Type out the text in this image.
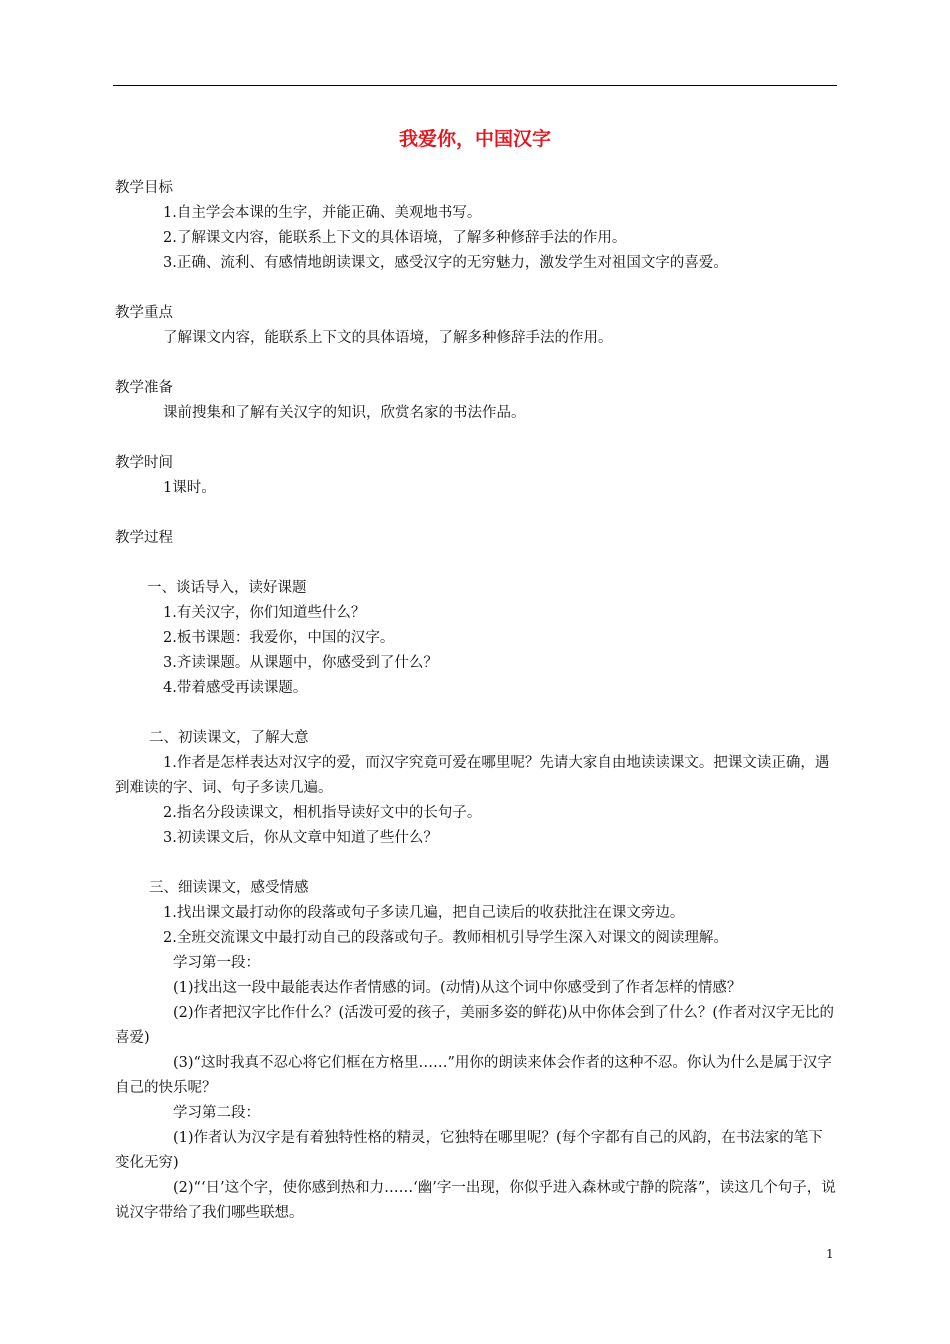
我爱你，中国汉字

教学目标

1.自主学会本课的生字，并能正确、美观地书写。

2.了解课文内容，能联系上下文的具体语境，了解多种修辞手法的作用。

3.正确、流利、有感情地朗读课文，感受汉字的无穷魅力，激发学生对祖国文字的喜爱。

教学重点

了解课文内容，能联系上下文的具体语境，了解多种修辞手法的作用。

教学准备

课前搜集和了解有关汉字的知识，欣赏名家的书法作品。

教学时间

1课时。

教学过程

一、谈话导入，读好课题

1.有关汉字，你们知道些什么？

2.板书课题：我爱你，中国的汉字。

3.齐读课题。从课题中，你感受到了什么？

4.带着感受再读课题。

二、初读课文，了解大意

1.作者是怎样表达对汉字的爱，而汉字究竟可爱在哪里呢？先请大家自由地读读课文。把课文读正确，遇到难读的字、词、句子多读几遍。

2.指名分段读课文，相机指导读好文中的长句子。

3.初读课文后，你从文章中知道了些什么？

三、细读课文，感受情感

1.找出课文最打动你的段落或句子多读几遍，把自己读后的收获批注在课文旁边。

2.全班交流课文中最打动自己的段落或句子。教师相机引导学生深入对课文的阅读理解。

学习第一段：

(1)找出这一段中最能表达作者情感的词。(动情)从这个词中你感受到了作者怎样的情感？

(2)作者把汉字比作什么？(活泼可爱的孩子，美丽多姿的鲜花)从中你体会到了什么？(作者对汉字无比的喜爱)

(3)“这时我真不忍心将它们框在方格里……”用你的朗读来体会作者的这种不忍。你认为什么是属于汉字自己的快乐呢？

学习第二段：

(1)作者认为汉字是有着独特性格的精灵，它独特在哪里呢？(每个字都有自己的风韵，在书法家的笔下变化无穷)

(2)“‘日’这个字，使你感到热和力……‘幽’字一出现，你似乎进入森林或宁静的院落”，读这几个句子，说说汉字带给了我们哪些联想。

1
